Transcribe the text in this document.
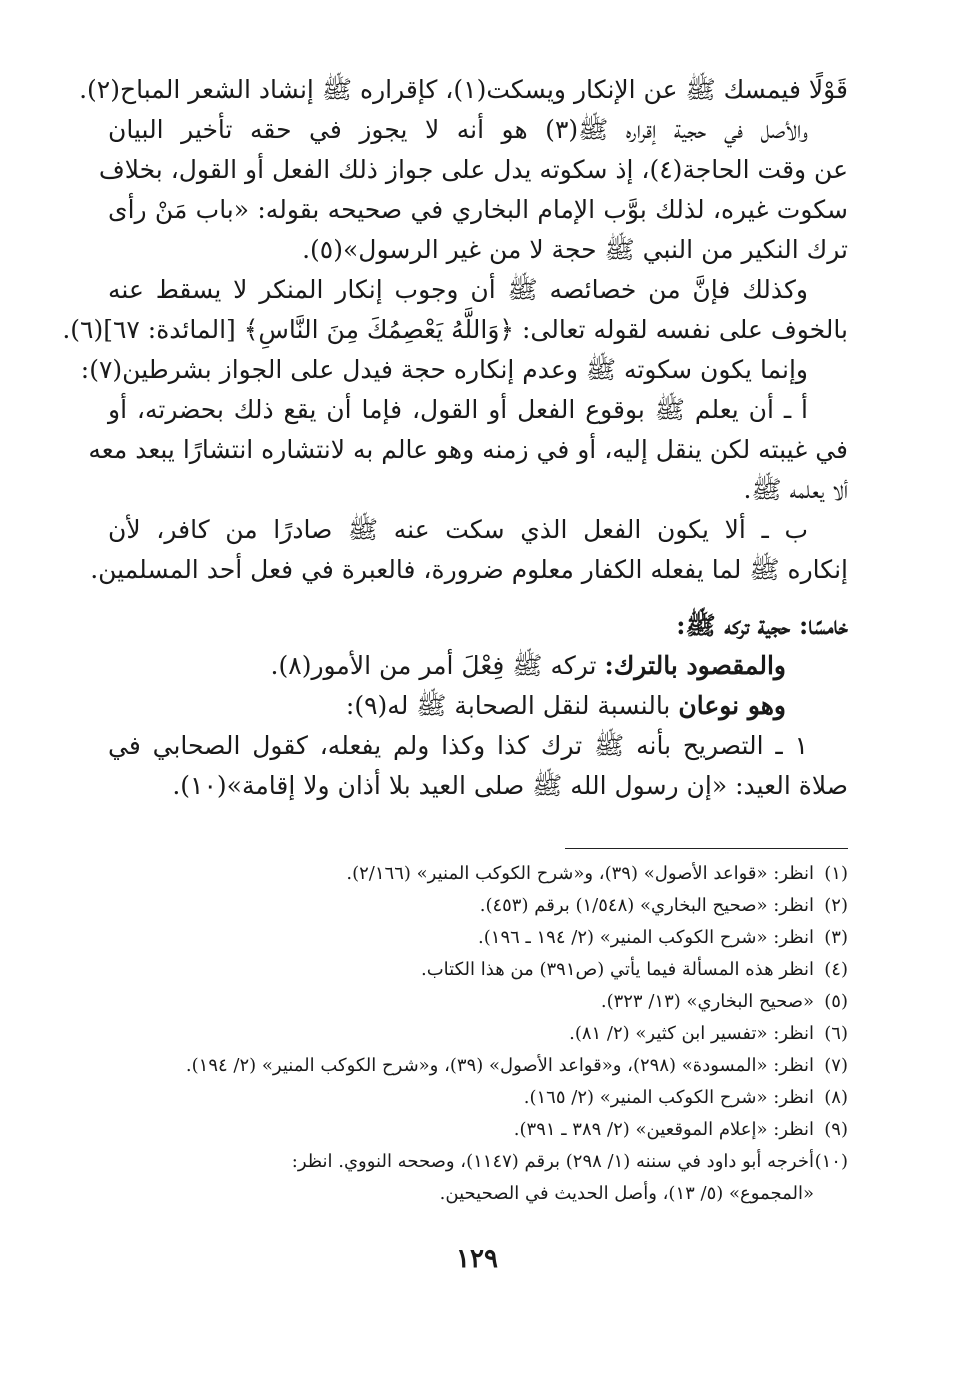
قَوْلًا فيمسك ﷺ عن الإنكار ويسكت(١)، كإقراره ﷺ إنشاد الشعر المباح(٢).
والأصل في حجية إقراره ﷺ(٣) هو أنه لا يجوز في حقه تأخير البيان
عن وقت الحاجة(٤)، إذ سكوته يدل على جواز ذلك الفعل أو القول، بخلاف
سكوت غيره، لذلك بوَّب الإمام البخاري في صحيحه بقوله: «باب مَنْ رأى
ترك النكير من النبي ﷺ حجة لا من غير الرسول»(٥).
وكذلك فإنَّ من خصائصه ﷺ أن وجوب إنكار المنكر لا يسقط عنه
بالخوف على نفسه لقوله تعالى: ﴿وَاللَّهُ يَعْصِمُكَ مِنَ النَّاسِ﴾ [المائدة: ٦٧](٦).
وإنما يكون سكوته ﷺ وعدم إنكاره حجة فيدل على الجواز بشرطين(٧):
أ ـ أن يعلم ﷺ بوقوع الفعل أو القول، فإما أن يقع ذلك بحضرته، أو
في غيبته لكن ينقل إليه، أو في زمنه وهو عالم به لانتشاره انتشارًا يبعد معه
ألا يعلمه ﷺ.
ب ـ ألا يكون الفعل الذي سكت عنه ﷺ صادرًا من كافر، لأن
إنكاره ﷺ لما يفعله الكفار معلوم ضرورة، فالعبرة في فعل أحد المسلمين.
خامسًا: حجية تركه ﷺ:
والمقصود بالترك: تركه ﷺ فِعْلَ أمر من الأمور(٨).
وهو نوعان بالنسبة لنقل الصحابة ﷺ له(٩):
١ ـ التصريح بأنه ﷺ ترك كذا وكذا ولم يفعله، كقول الصحابي في
صلاة العيد: «إن رسول الله ﷺ صلى العيد بلا أذان ولا إقامة»(١٠).
(١)انظر: «قواعد الأصول» (٣٩)، و«شرح الكوكب المنير» (٢/١٦٦).
(٢)انظر: «صحيح البخاري» (١/٥٤٨) برقم (٤٥٣).
(٣)انظر: «شرح الكوكب المنير» (٢/ ١٩٤ ـ ١٩٦).
(٤)انظر هذه المسألة فيما يأتي (ص٣٩١) من هذا الكتاب.
(٥)«صحيح البخاري» (١٣/ ٣٢٣).
(٦)انظر: «تفسير ابن كثير» (٢/ ٨١).
(٧)انظر: «المسودة» (٢٩٨)، و«قواعد الأصول» (٣٩)، و«شرح الكوكب المنير» (٢/ ١٩٤).
(٨)انظر: «شرح الكوكب المنير» (٢/ ١٦٥).
(٩)انظر: «إعلام الموقعين» (٢/ ٣٨٩ ـ ٣٩١).
(١٠)أخرجه أبو داود في سننه (١/ ٢٩٨) برقم (١١٤٧)، وصححه النووي. انظر:
«المجموع» (٥/ ١٣)، وأصل الحديث في الصحيحين.
١٢٩
